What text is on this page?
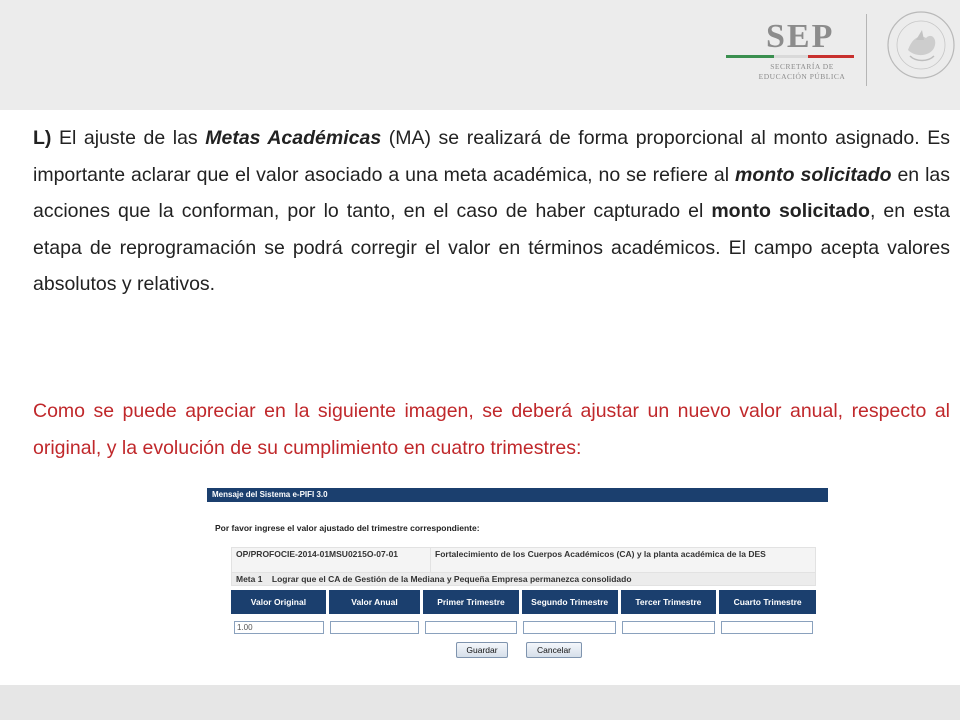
SEP
SECRETARÍA DE
EDUCACIÓN PÚBLICA

L) El ajuste de las Metas Académicas (MA) se realizará de forma proporcional al monto asignado. Es importante aclarar que el valor asociado a una meta académica, no se refiere al monto solicitado en las acciones que la conforman, por lo tanto, en el caso de haber capturado el monto solicitado, en esta etapa de reprogramación se podrá corregir el valor en términos académicos. El campo acepta valores absolutos y relativos.

Como se puede apreciar en la siguiente imagen, se deberá ajustar un nuevo valor anual, respecto al original, y la evolución de su cumplimiento en cuatro trimestres:

Mensaje del Sistema e-PIFI 3.0
Por favor ingrese el valor ajustado del trimestre correspondiente:
OP/PROFOCIE-2014-01MSU0215O-07-01	Fortalecimiento de los Cuerpos Académicos (CA) y la planta académica de la DES
Meta 1 Lograr que el CA de Gestión de la Mediana y Pequeña Empresa permanezca consolidado
Valor Original	Valor Anual	Primer Trimestre	Segundo Trimestre	Tercer Trimestre	Cuarto Trimestre
1.00					
Guardar	Cancelar
